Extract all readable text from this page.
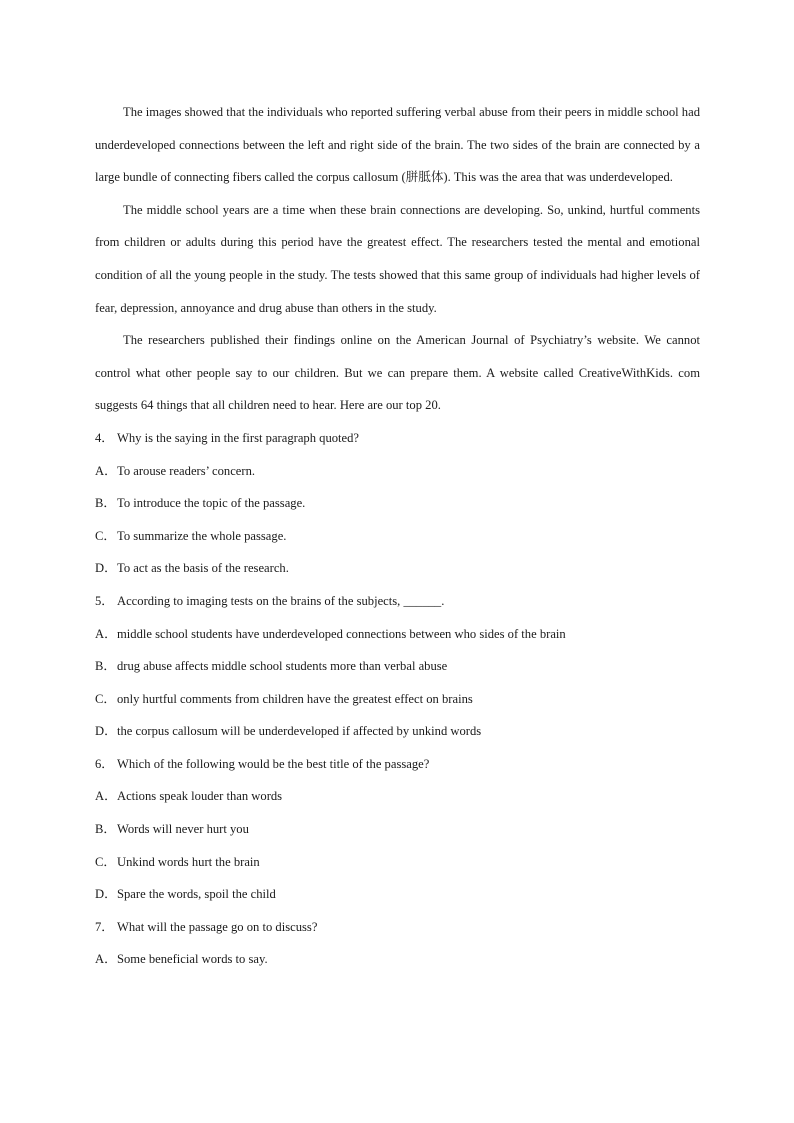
The images showed that the individuals who reported suffering verbal abuse from their peers in middle school had underdeveloped connections between the left and right side of the brain. The two sides of the brain are connected by a large bundle of connecting fibers called the corpus callosum (胼胝体). This was the area that was underdeveloped.

The middle school years are a time when these brain connections are developing. So, unkind, hurtful comments from children or adults during this period have the greatest effect. The researchers tested the mental and emotional condition of all the young people in the study. The tests showed that this same group of individuals had higher levels of fear, depression, annoyance and drug abuse than others in the study.

The researchers published their findings online on the American Journal of Psychiatry’s website. We cannot control what other people say to our children. But we can prepare them. A website called CreativeWithKids. com suggests 64 things that all children need to hear. Here are our top 20.

4． Why is the saying in the first paragraph quoted?

A．To arouse readers’ concern.

B．To introduce the topic of the passage.

C．To summarize the whole passage.

D．To act as the basis of the research.

5． According to imaging tests on the brains of the subjects, ______.

A．middle school students have underdeveloped connections between who sides of the brain

B．drug abuse affects middle school students more than verbal abuse

C．only hurtful comments from children have the greatest effect on brains

D．the corpus callosum will be underdeveloped if affected by unkind words

6． Which of the following would be the best title of the passage?

A．Actions speak louder than words

B．Words will never hurt you

C．Unkind words hurt the brain

D．Spare the words, spoil the child

7． What will the passage go on to discuss?

A．Some beneficial words to say.
